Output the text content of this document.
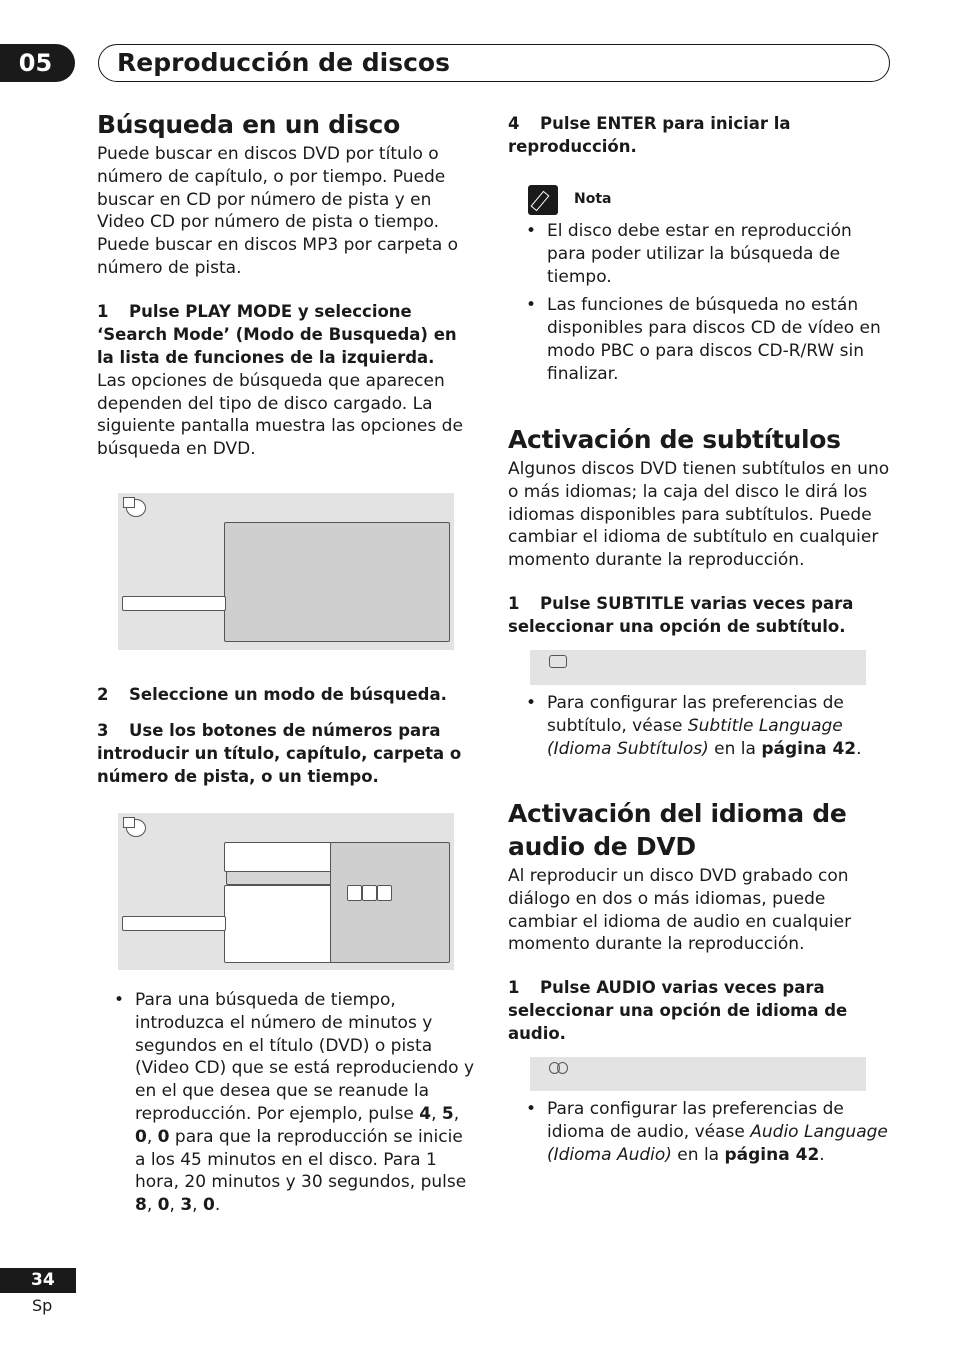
05	Reproducción de discos
Búsqueda en un disco

Puede buscar en discos DVD por título o número de capítulo, o por tiempo. Puede buscar en CD por número de pista y en Video CD por número de pista o tiempo. Puede buscar en discos MP3 por carpeta o número de pista.

1 Pulse PLAY MODE y seleccione ‘Search Mode’ (Modo de Busqueda) en la lista de funciones de la izquierda.

Las opciones de búsqueda que aparecen dependen del tipo de disco cargado. La siguiente pantalla muestra las opciones de búsqueda en DVD.

2 Seleccione un modo de búsqueda.
3 Use los botones de números para introducir un título, capítulo, carpeta o número de pista, o un tiempo.
• Para una búsqueda de tiempo, introduzca el número de minutos y segundos en el título (DVD) o pista (Video CD) que se está reproduciendo y en el que desea que se reanude la reproducción. Por ejemplo, pulse 4, 5, 0, 0 para que la reproducción se inicie a los 45 minutos en el disco. Para 1 hora, 20 minutos y 30 segundos, pulse 8, 0, 3, 0.
4 Pulse ENTER para iniciar la reproducción.
Nota
• El disco debe estar en reproducción para poder utilizar la búsqueda de tiempo.
• Las funciones de búsqueda no están disponibles para discos CD de vídeo en modo PBC o para discos CD-R/RW sin finalizar.
Activación de subtítulos

Algunos discos DVD tienen subtítulos en uno o más idiomas; la caja del disco le dirá los idiomas disponibles para subtítulos. Puede cambiar el idioma de subtítulo en cualquier momento durante la reproducción.

1 Pulse SUBTITLE varias veces para seleccionar una opción de subtítulo.
• Para configurar las preferencias de subtítulo, véase Subtitle Language (Idioma Subtítulos) en la página 42.
Activación del idioma de audio de DVD

Al reproducir un disco DVD grabado con diálogo en dos o más idiomas, puede cambiar el idioma de audio en cualquier momento durante la reproducción.

1 Pulse AUDIO varias veces para seleccionar una opción de idioma de audio.
• Para configurar las preferencias de idioma de audio, véase Audio Language (Idioma Audio) en la página 42.
34
Sp
